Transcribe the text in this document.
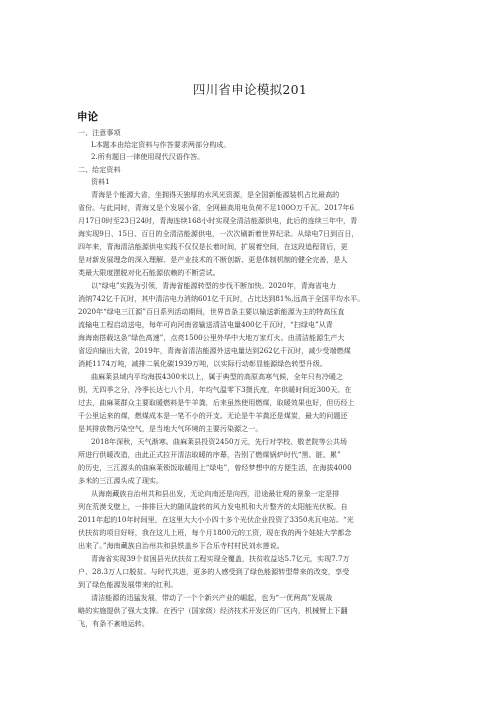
四川省申论模拟201
申论
一、注意事项
L本题本由给定资料与作答要求两部分构成。
2.所有题目一律使用现代汉语作答。
二、给定资料
资料1
青海是个能源大省，坐拥得天独厚的水风光资源，是全国新能源装机占比最高的
省份。与此同时，青海又是个发展小省，全网最高用电负荷不足100O万千瓦。2017年6
月17日0时至23日24时，青海连续168小时实现全清洁能源供电，此后的连续三年中，青
海实现9日、15日、百日的全清洁能源供电，一次次刷新着世界纪录。从绿电7日到百日，
四年来，青海清洁能源供电实践不仅仅是长着时间，扩展着空间，在这段追程背后，更
是对新发展理念的深入理解、是产业技术的不断创新、更是体制机制的健全完善，是人
类最大限度摆脱对化石能源依赖的不断尝试。
以“绿电”实践为引领，青海省能源转型的步伐不断加快。2020年，青海省电力
消纳742亿千瓦时，其中清洁电力消纳601亿千瓦时，占比达到81%,远高于全国平均水平。
2020年“绿电三江源”百日系列活动期间，世界首条主要以输送新能源为主的特高压直
流输电工程启动送电，每年可向河南省输送清洁电量400亿千瓦时，“扫绿电”从青
海海南搭载这条“绿色高速”，点亮1500公里外华中大地万家灯火。由清洁能源生产大
省迈向输出大省，2019年，青海省清洁能源外送电量达到262亿千瓦时，减少受端燃煤
消耗1174万吨，减排二氧化碳1939万吨，以实际行动彰显能源绿色转型升级。
曲麻莱县域内平均海拔4300米以上，属于典型的高原高寒气候，全年只有冷暖之
别，无四季之分，冷季长达七八个月，年均气温零下3摄氏度，年供暖时间近300天。在
过去，曲麻莱群众主要取暖燃料是牛羊粪，后来虽然使用燃煤，取暖效果也好，但历经上
千公里运来的煤，燃煤成本是一笔不小的开支。无论是牛羊粪还是煤炭，最大的问题还
是其排放物污染空气，是当地大气环境的主要污染源之一。
2018年深秋，天气渐寒。曲麻莱县投资2450万元，先行对学校、敬老院等公共场
所进行供暖改造，由此正式拉开清洁取暖的序幕，告别了燃煤锅炉时代“黑、脏、累”
的历史，三江源头的曲麻莱锁饭取暖用上“绿电”，曾经梦想中的方便生活，在海拔4000
多米的三江源头成了现实。
从海南藏族自治州共和县出发，无论向南还是向西，沿途最壮观的景象一定是排
列在荒漠戈壁上，一排排巨大的随风旋转的风力发电机和大片整齐的太阳能光伏板。自
2011年起的10年时间里，在这里大大小小四十多个光伏企业投资了3350兆瓦电站。“光
伏扶贫的项目好呀，我在这儿上班，每个月1800元的工资，现在我的两个娃娃大学都念
出来了。”海南藏族自治州共和县铁盖乡下合乐寺村村民刘水莲说。
青海省实现39个贫困县光伏扶贫工程实现全覆盖，扶贫收益达5.7亿元，实现7.7万
户、28.3万人口脱贫。与时代共进，更多的人感受到了绿色能源转型带来的改变，享受
到了绿色能源发展带来的红利。
清洁能源的迅猛发展，带动了一个个新兴产业的崛起，也为“一优两高”发展战
略的实施提供了强大支撑。在西宁（国家级）经济技术开发区的厂区内，机械臂上下翻
飞，有条不紊地运转。
